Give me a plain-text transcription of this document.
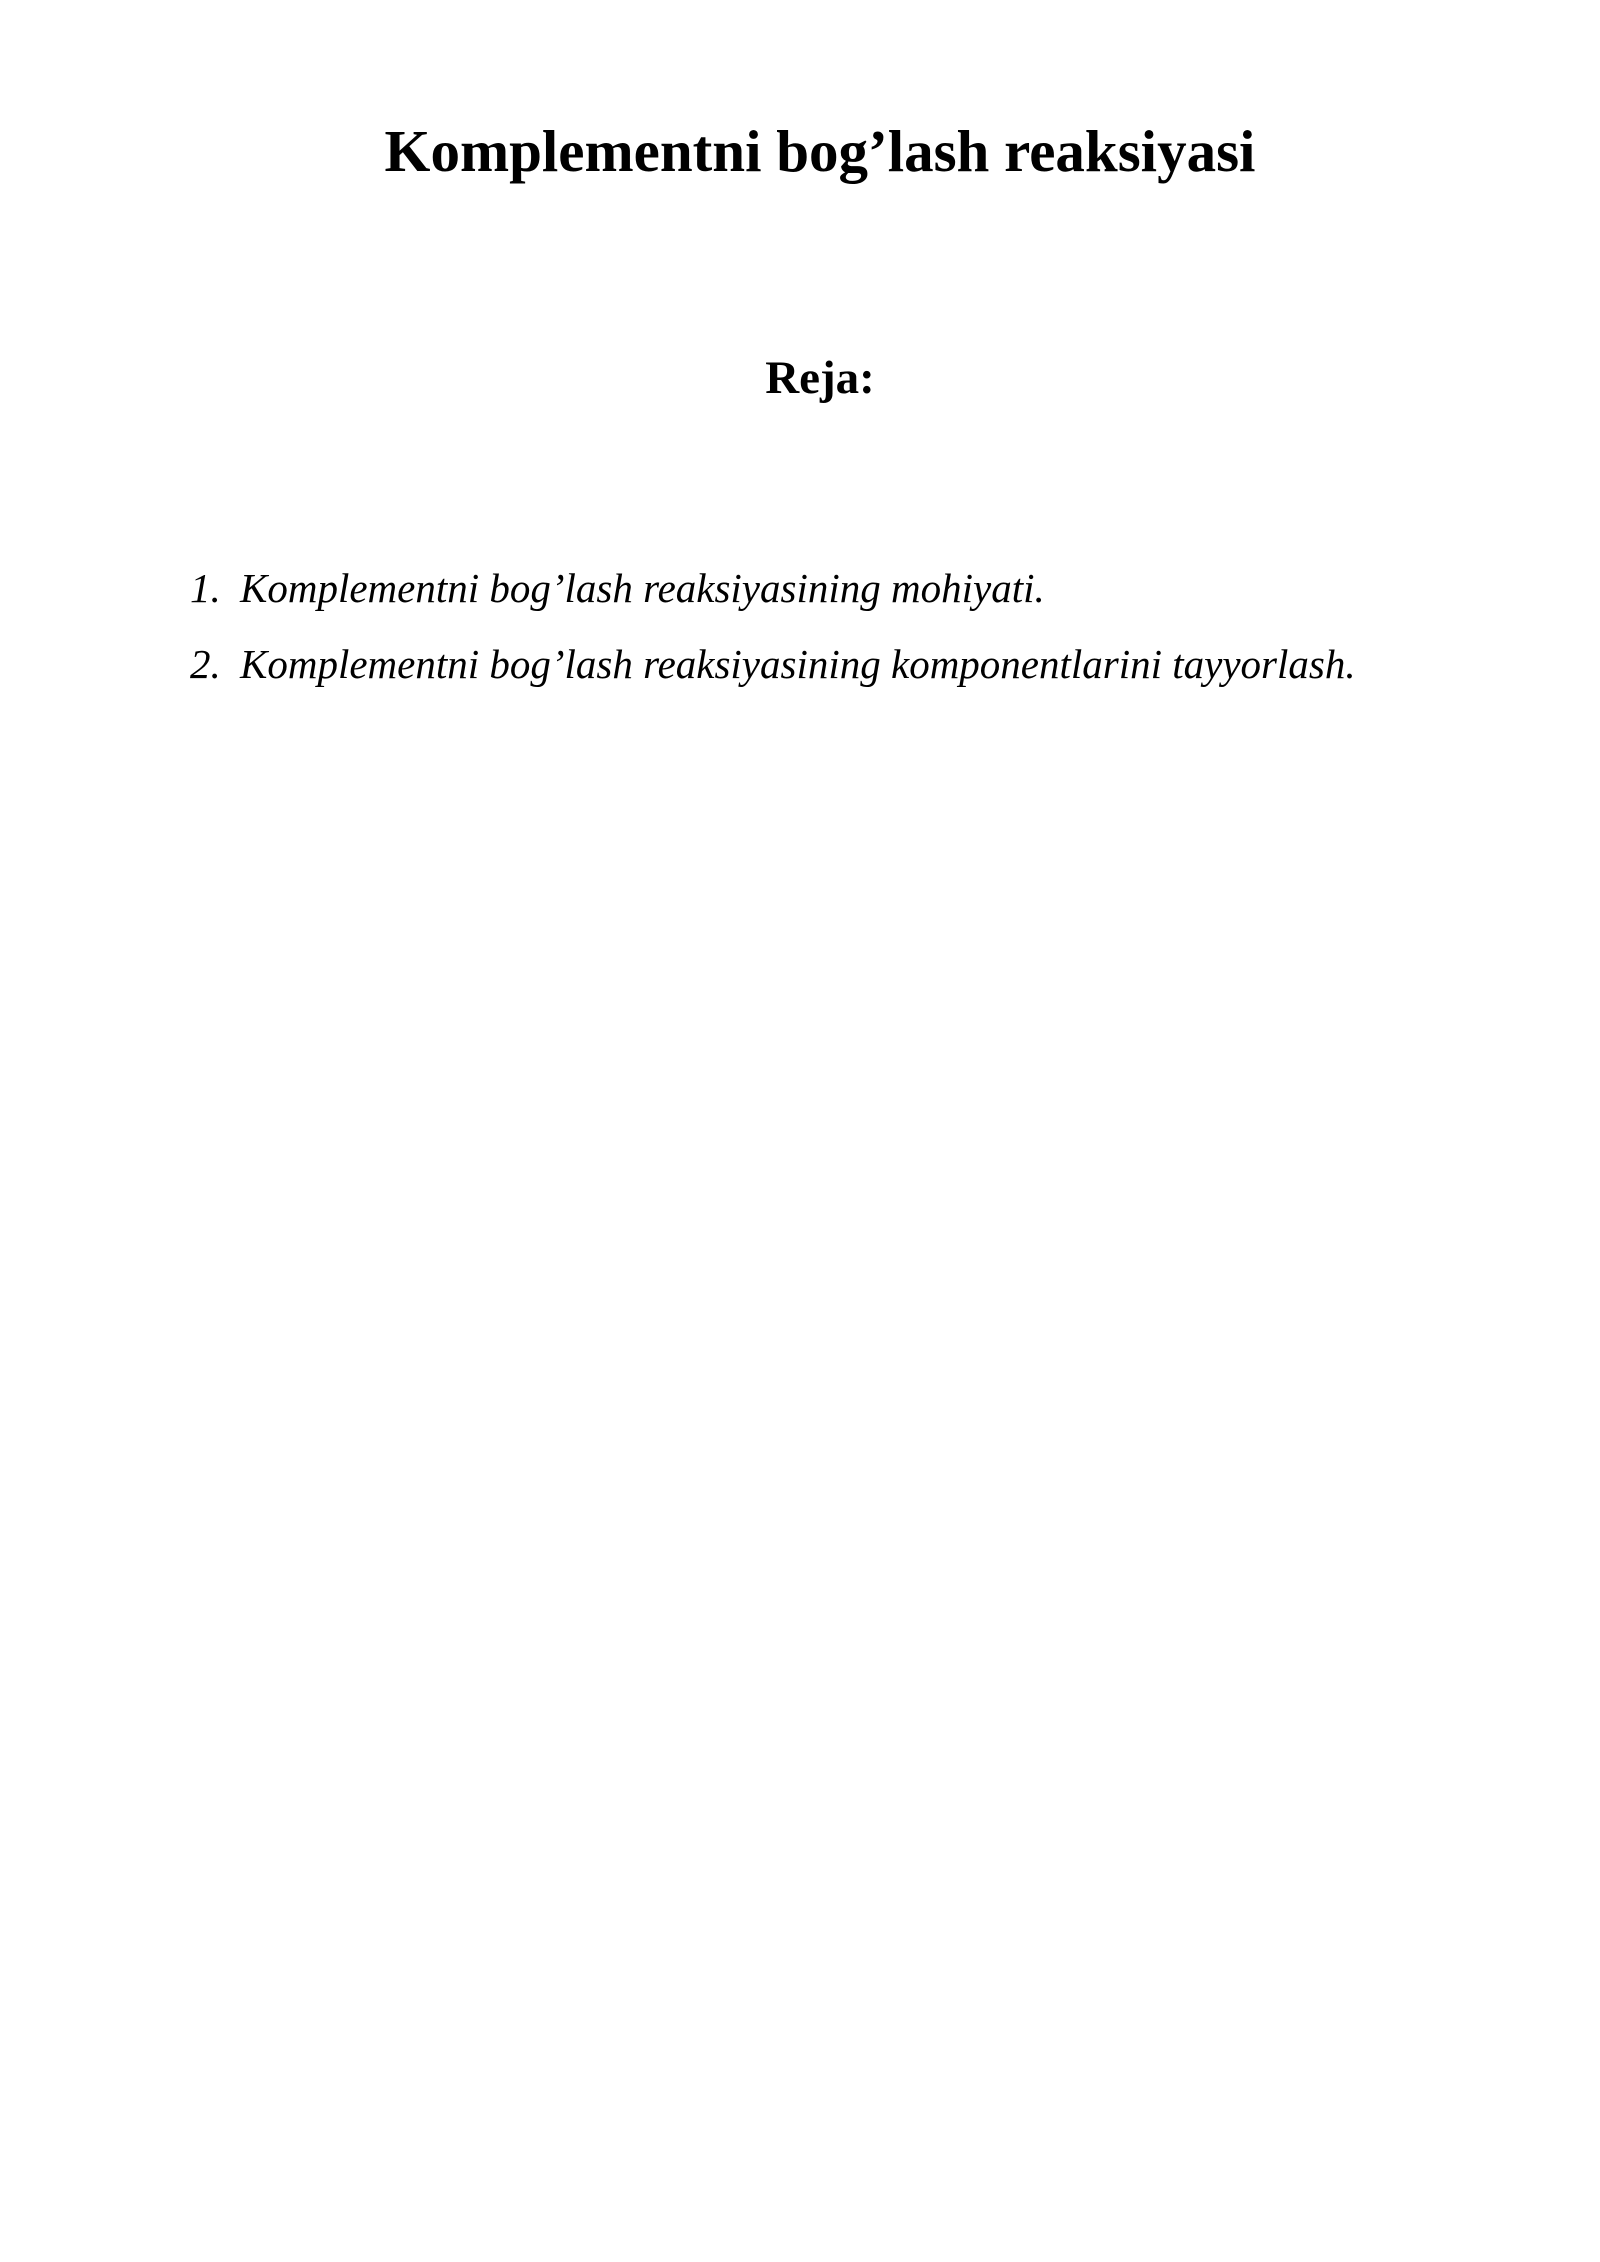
Komplementni bog’lash reaksiyasi
Reja:
1. Komplementni bog’lash reaksiyasining mohiyati.
2. Komplementni bog’lash reaksiyasining komponentlarini tayyorlash.
